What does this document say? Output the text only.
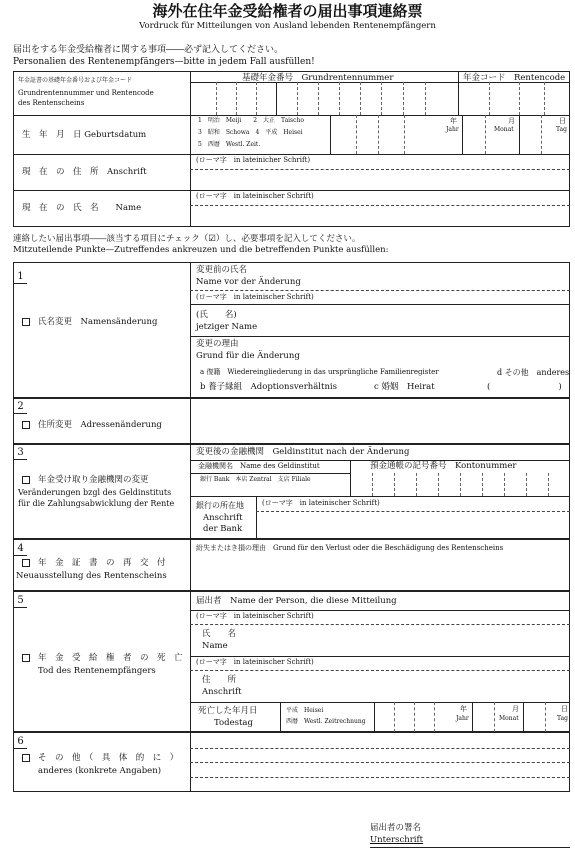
海外在住年金受給権者の届出事項連絡票
Vordruck für Mitteilungen von Ausland lebenden Rentenempfängern
届出をする年金受給権者に関する事項――必ず記入してください。
Personalien des Rentenempfängers—bitte in jedem Fall ausfüllen!
年金証書の基礎年金番号および年金コード
Grundrentennummer und Rentencode
des Rentenscheins
基礎年金番号　Grundrentennummer	年金コード　Rentencode
生　年　月　日 Geburtsdatum
1　明治　Meiji　　2　大正　Taischo
3　昭和　Schowa　4　平成　Heisei
5　西暦　Westl. Zeit.
年
Jahr
月
Monat
日
Tag
現　在　の　住　所　Anschrift
(ローマ字　in lateinicher Schrift)
現　在　の　氏　名　　Name
(ローマ字　in lateinischer Schrift)
連絡したい届出事項――該当する項目にチェック（☑）し、必要事項を記入してください。
Mitzuteilende Punkte—Zutreffendes ankreuzen und die betreffenden Punkte ausfüllen:
1
氏名変更　Namensänderung
変更前の氏名
Name vor der Änderung
(ローマ字　in lateinischer Schrift)
(氏　　名)
jetziger Name
変更の理由
Grund für die Änderung
a 復籍　Wiedereingliederung in das ursprüngliche Familienregister	d その他　anderes
b 養子縁組　Adoptionsverhältnis	c 婚姻　Heirat	(　　　　　　　　)
2
住所変更　Adressenänderung
3
年金受け取り金融機関の変更
Veränderungen bzgl des Geldinstituts
für die Zahlungsabwicklung der Rente
変更後の金融機関　Geldinstitut nach der Änderung
金融機関名　Name des Geldinstitut	預金通帳の記号番号　Kontonummer
銀行 Bank　本店 Zentral　支店 Filiale
銀行の所在地
Anschrift
der Bank
(ローマ字　in lateinischer Schrift)
4
年　金　証　書　の　再　交　付
Neuausstellung des Rentenscheins
紛失またはき損の理由　Grund für den Verlust oder die Beschädigung des Rentenscheins
5
年　金　受　給　権　者　の　死　亡
Tod des Rentenempfängers
届出者　Name der Person, die diese Mitteilung
(ローマ字　in lateinischer Schrift)
氏　　名
Name
(ローマ字　in lateinischer Schrift)
住　　所
Anschrift
死亡した年月日
Todestag
平成　Heisei
西暦　Westl. Zeitrechnung
年
Jahr
月
Monat
日
Tag
6
そ　の　他　（　具　体　的　に　）
anderes (konkrete Angaben)
届出者の署名
Unterschrift
